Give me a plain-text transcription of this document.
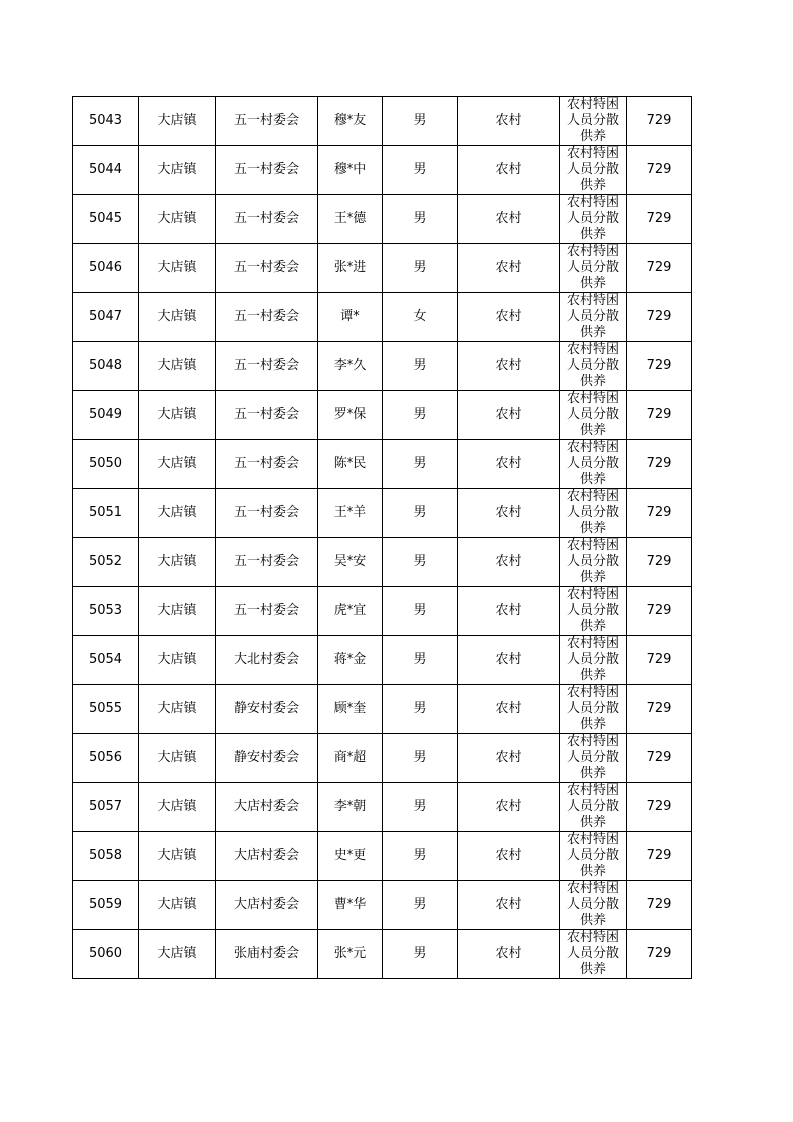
5043	大店镇	五一村委会	穆*友	男	农村	农村特困人员分散供养	729
5044	大店镇	五一村委会	穆*中	男	农村	农村特困人员分散供养	729
5045	大店镇	五一村委会	王*德	男	农村	农村特困人员分散供养	729
5046	大店镇	五一村委会	张*进	男	农村	农村特困人员分散供养	729
5047	大店镇	五一村委会	谭*	女	农村	农村特困人员分散供养	729
5048	大店镇	五一村委会	李*久	男	农村	农村特困人员分散供养	729
5049	大店镇	五一村委会	罗*保	男	农村	农村特困人员分散供养	729
5050	大店镇	五一村委会	陈*民	男	农村	农村特困人员分散供养	729
5051	大店镇	五一村委会	王*羊	男	农村	农村特困人员分散供养	729
5052	大店镇	五一村委会	吴*安	男	农村	农村特困人员分散供养	729
5053	大店镇	五一村委会	虎*宜	男	农村	农村特困人员分散供养	729
5054	大店镇	大北村委会	蒋*金	男	农村	农村特困人员分散供养	729
5055	大店镇	静安村委会	顾*奎	男	农村	农村特困人员分散供养	729
5056	大店镇	静安村委会	商*超	男	农村	农村特困人员分散供养	729
5057	大店镇	大店村委会	李*朝	男	农村	农村特困人员分散供养	729
5058	大店镇	大店村委会	史*更	男	农村	农村特困人员分散供养	729
5059	大店镇	大店村委会	曹*华	男	农村	农村特困人员分散供养	729
5060	大店镇	张庙村委会	张*元	男	农村	农村特困人员分散供养	729
